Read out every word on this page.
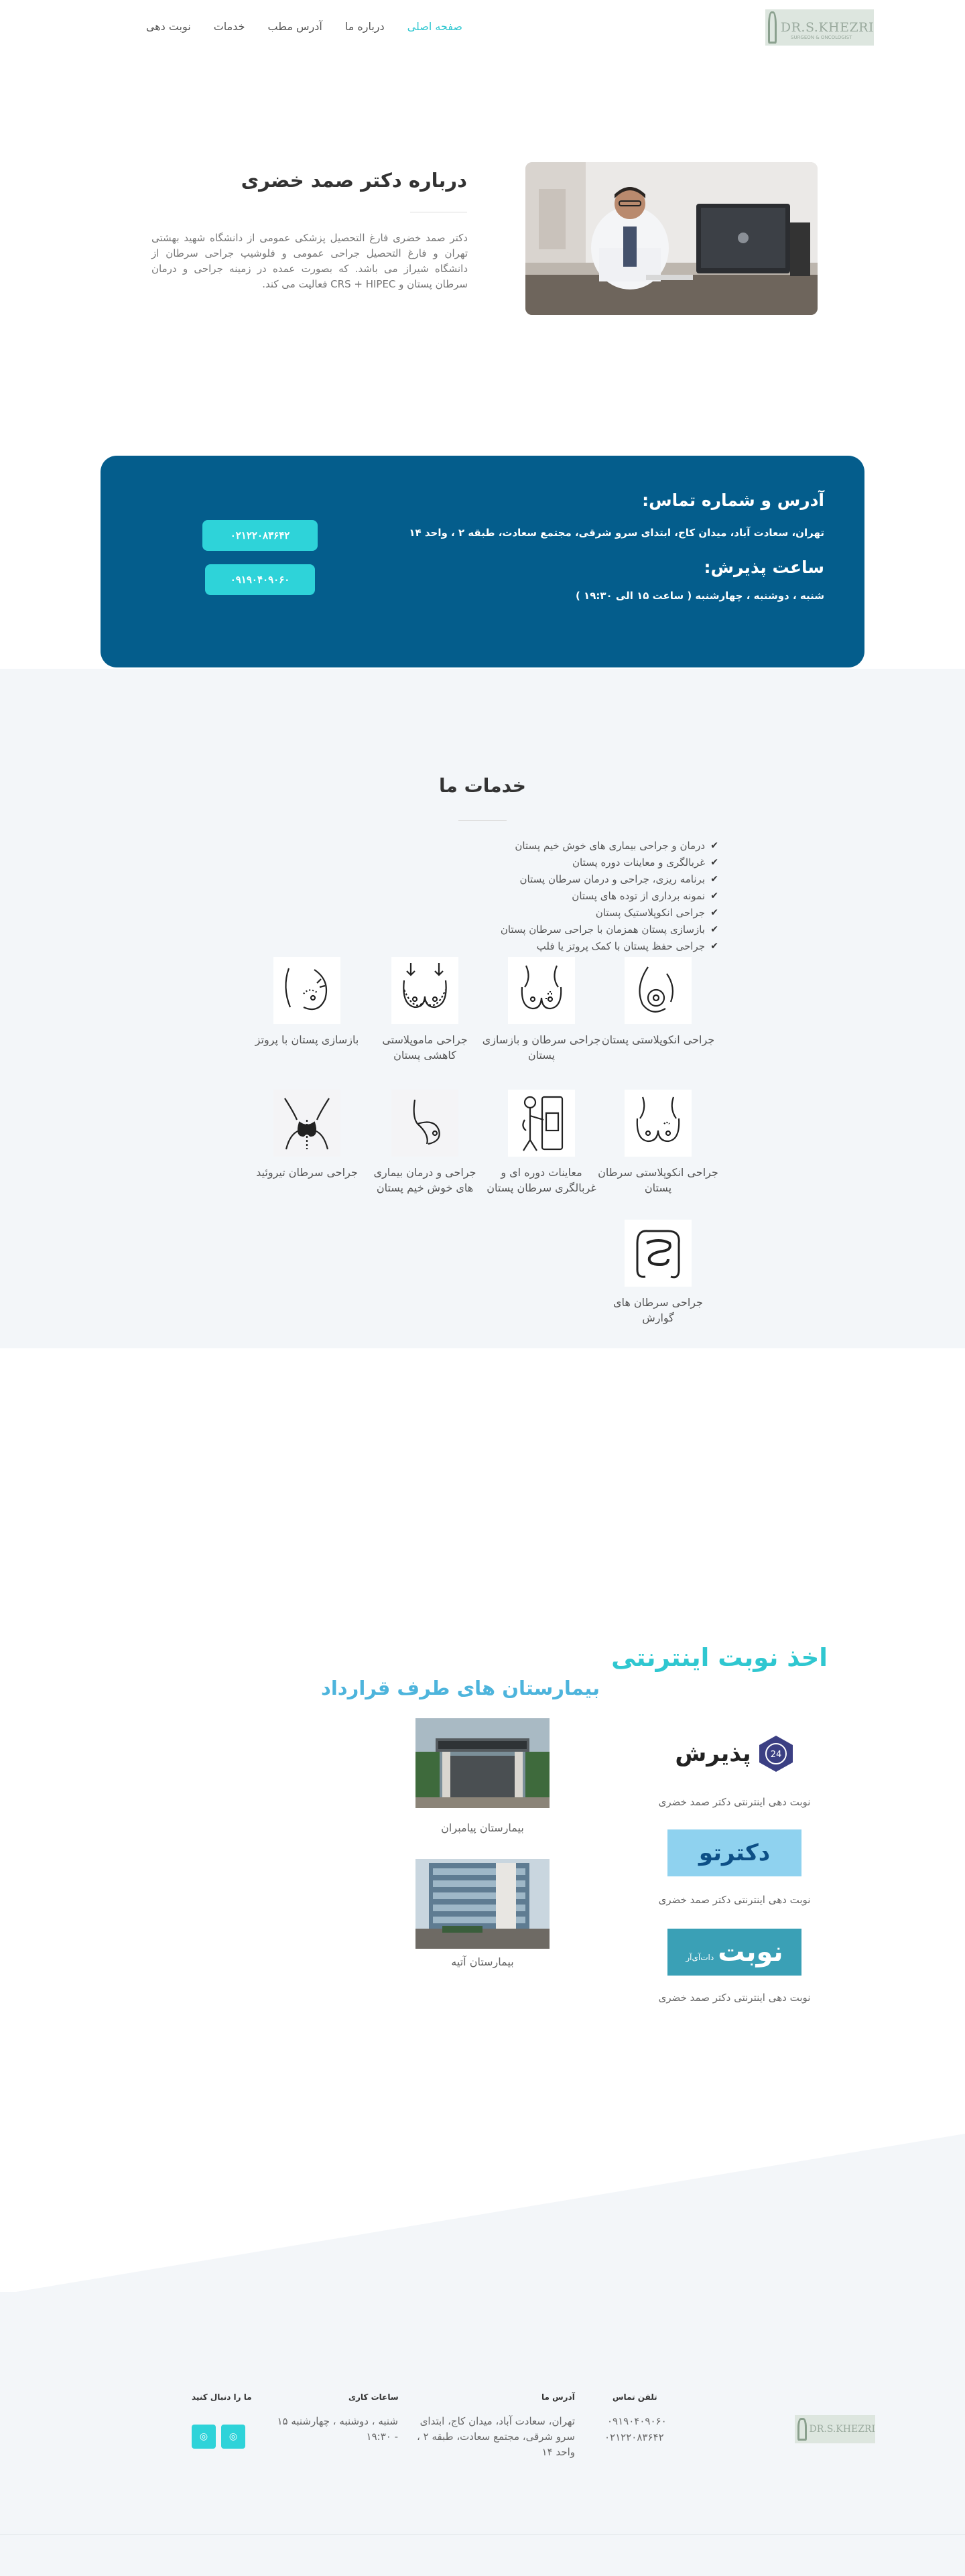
DR.S.KHEZRI
SURGEON & ONCOLOGIST
صفحه اصلی
درباره ما
آدرس مطب
خدمات
نوبت دهی
درباره دکتر صمد خضری

دکتر صمد خضری فارغ التحصیل پزشکی عمومی از دانشگاه شهید بهشتی تهران و فارغ التحصیل جراحی عمومی و فلوشیپ جراحی سرطان از دانشگاه شیراز می باشد. که بصورت عمده در زمینه جراحی و درمان سرطان پستان و CRS + HIPEC فعالیت می کند.

آدرس و شماره تماس:

تهران، سعادت آباد، میدان کاج، ابتدای سرو شرقی، مجتمع سعادت، طبقه ۲ ، واحد ۱۴

ساعت پذیرش:

شنبه ، دوشنبه ، چهارشنبه ( ساعت ۱۵ الی ۱۹:۳۰ )

۰۲۱۲۲۰۸۳۶۴۲
۰۹۱۹۰۴۰۹۰۶۰
خدمات ما
✔
درمان و جراحی بیماری های خوش خیم پستان
✔
غربالگری و معاینات دوره پستان
✔
برنامه ریزی، جراحی و درمان سرطان پستان
✔
نمونه برداری از توده های پستان
✔
جراحی انکوپلاستیک پستان
✔
بازسازی پستان همزمان با جراحی سرطان پستان
✔
جراحی حفظ پستان با کمک پروتز یا فلپ
جراحی انکوپلاستی پستان
جراحی سرطان و بازسازی پستان
جراحی ماموپلاستی کاهشی پستان
بازسازی پستان با پروتز
جراحی انکوپلاستی سرطان پستان
معاینات دوره ای و غربالگری سرطان پستان
جراحی و درمان بیماری های خوش خیم پستان
جراحی سرطان تیروئید
جراحی سرطان های گوارش
اخذ نوبت اینترنتی
24
پذیرش

نوبت دهی اینترنتی دکتر صمد خضری

دکترتو

نوبت دهی اینترنتی دکتر صمد خضری

نوبت
دات‌آی‌آر

نوبت دهی اینترنتی دکتر صمد خضری

بیمارستان های طرف قرارداد

بیمارستان پیامبران

بیمارستان آتیه

DR.S.KHEZRI

تلفن تماس

۰۹۱۹۰۴۰۹۰۶۰

۰۲۱۲۲۰۸۳۶۴۲

آدرس ما

تهران، سعادت آباد، میدان کاج، ابتدای سرو شرقی، مجتمع سعادت، طبقه ۲ ، واحد ۱۴

ساعات کاری

شنبه ، دوشنبه ، چهارشنبه ۱۵ - ۱۹:۳۰

ما را دنبال کنید

◎ ◎
